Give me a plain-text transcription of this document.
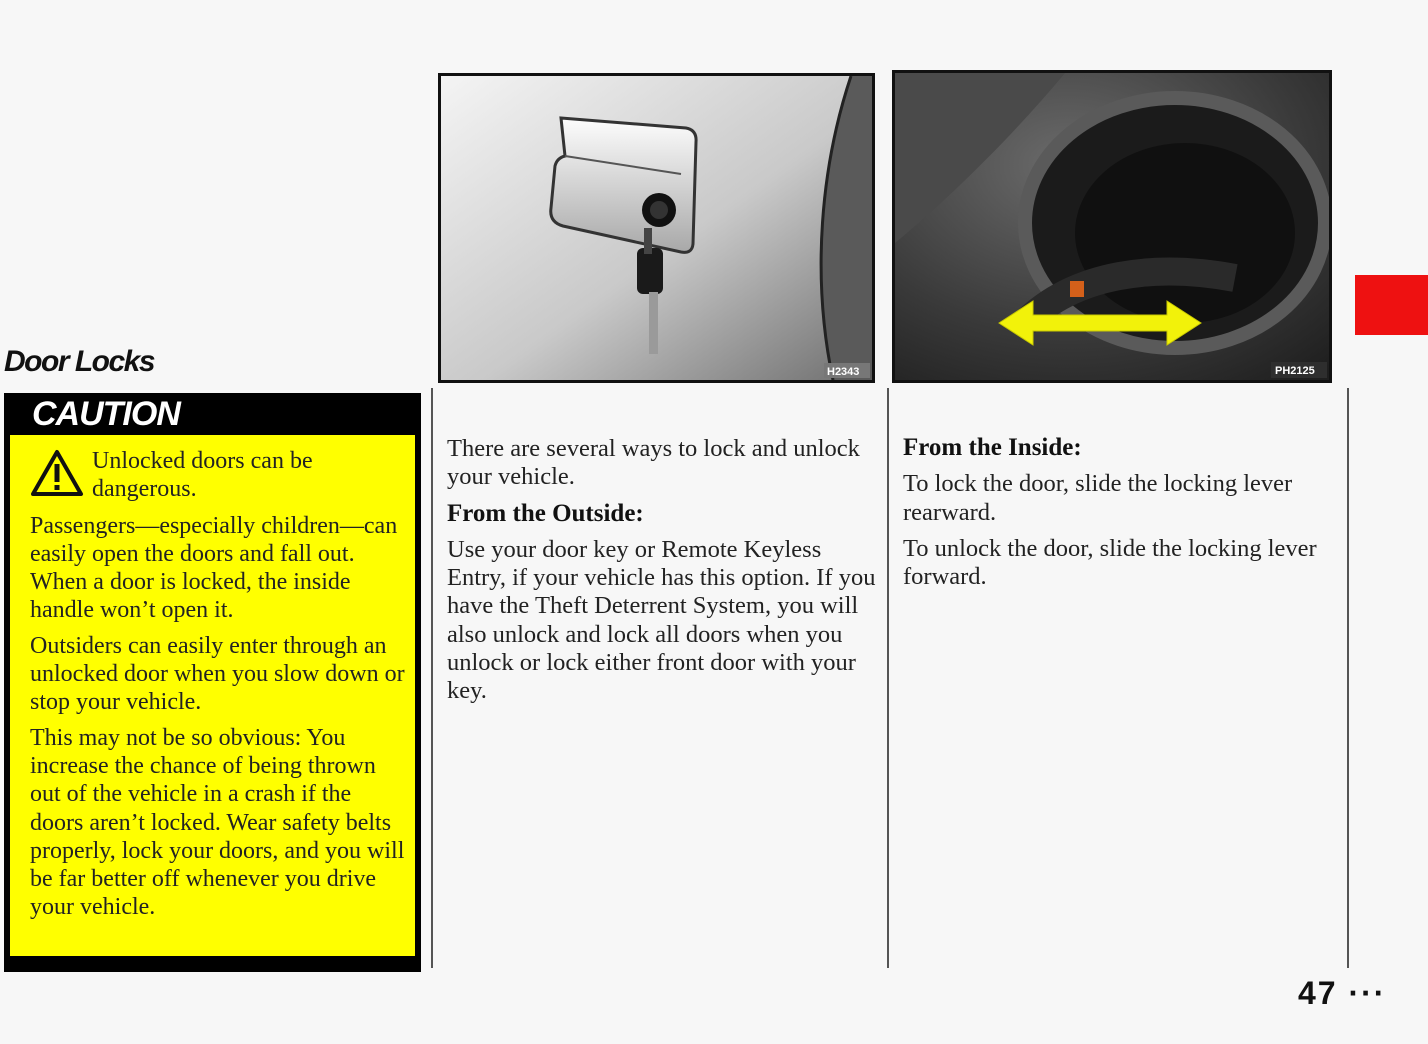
Door Locks
CAUTION
Unlocked doors can be dangerous.

Passengers—especially children—can easily open the doors and fall out. When a door is locked, the inside handle won’t open it.

Outsiders can easily enter through an unlocked door when you slow down or stop your vehicle.

This may not be so obvious: You increase the chance of being thrown out of the vehicle in a crash if the doors aren’t locked. Wear safety belts properly, lock your doors, and you will be far better off whenever you drive your vehicle.

H2343	PH2125

There are several ways to lock and unlock your vehicle.

From the Outside:

Use your door key or Remote Keyless Entry, if your vehicle has this option. If you have the Theft Deterrent System, you will also unlock and lock all doors when you unlock or lock either front door with your key.

From the Inside:

To lock the door, slide the locking lever rearward.

To unlock the door, slide the locking lever forward.

47 ···
